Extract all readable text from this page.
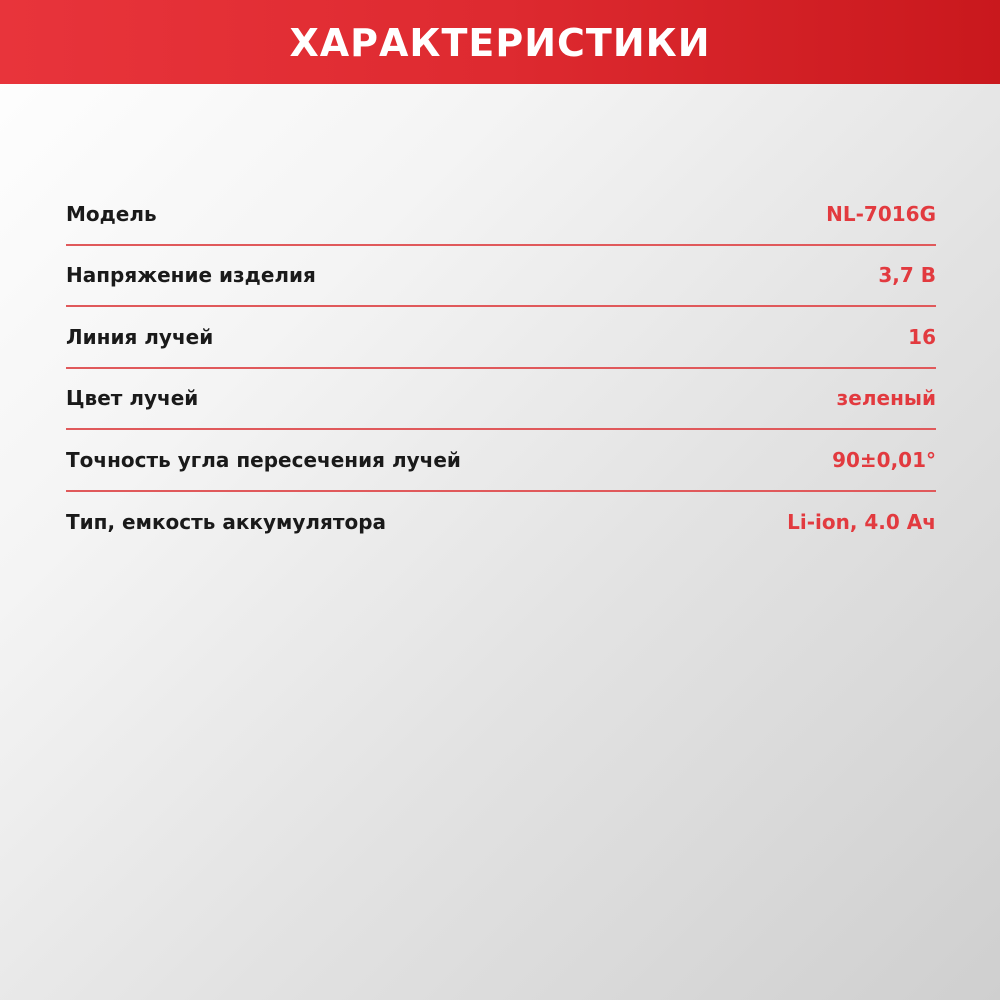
ХАРАКТЕРИСТИКИ
Модель	NL-7016G
Напряжение изделия	3,7 В
Линия лучей	16
Цвет лучей	зеленый
Точность угла пересечения лучей	90±0,01°
Тип, емкость аккумулятора	Li-ion, 4.0 Ач
